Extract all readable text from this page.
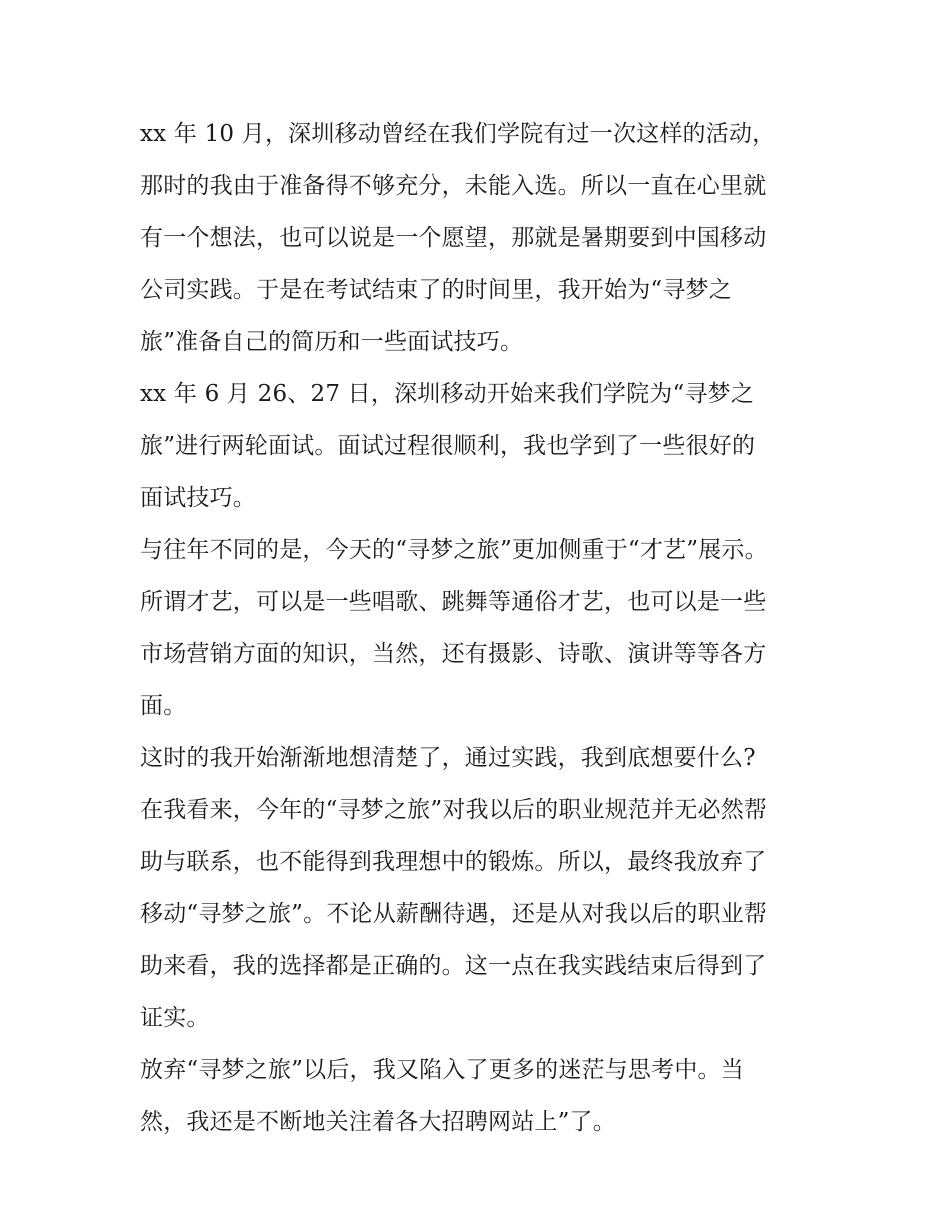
xx 年 10 月，深圳移动曾经在我们学院有过一次这样的活动，
那时的我由于准备得不够充分，未能入选。所以一直在心里就
有一个想法，也可以说是一个愿望，那就是暑期要到中国移动
公司实践。于是在考试结束了的时间里，我开始为“寻梦之
旅”准备自己的简历和一些面试技巧。
xx 年 6 月 26、27 日，深圳移动开始来我们学院为“寻梦之
旅”进行两轮面试。面试过程很顺利，我也学到了一些很好的
面试技巧。
与往年不同的是，今天的“寻梦之旅”更加侧重于“才艺”展示。
所谓才艺，可以是一些唱歌、跳舞等通俗才艺，也可以是一些
市场营销方面的知识，当然，还有摄影、诗歌、演讲等等各方
面。
这时的我开始渐渐地想清楚了，通过实践，我到底想要什么?
在我看来，今年的“寻梦之旅”对我以后的职业规范并无必然帮
助与联系，也不能得到我理想中的锻炼。所以，最终我放弃了
移动“寻梦之旅”。不论从薪酬待遇，还是从对我以后的职业帮
助来看，我的选择都是正确的。这一点在我实践结束后得到了
证实。
放弃“寻梦之旅”以后，我又陷入了更多的迷茫与思考中。当
然，我还是不断地关注着各大招聘网站上”了。
